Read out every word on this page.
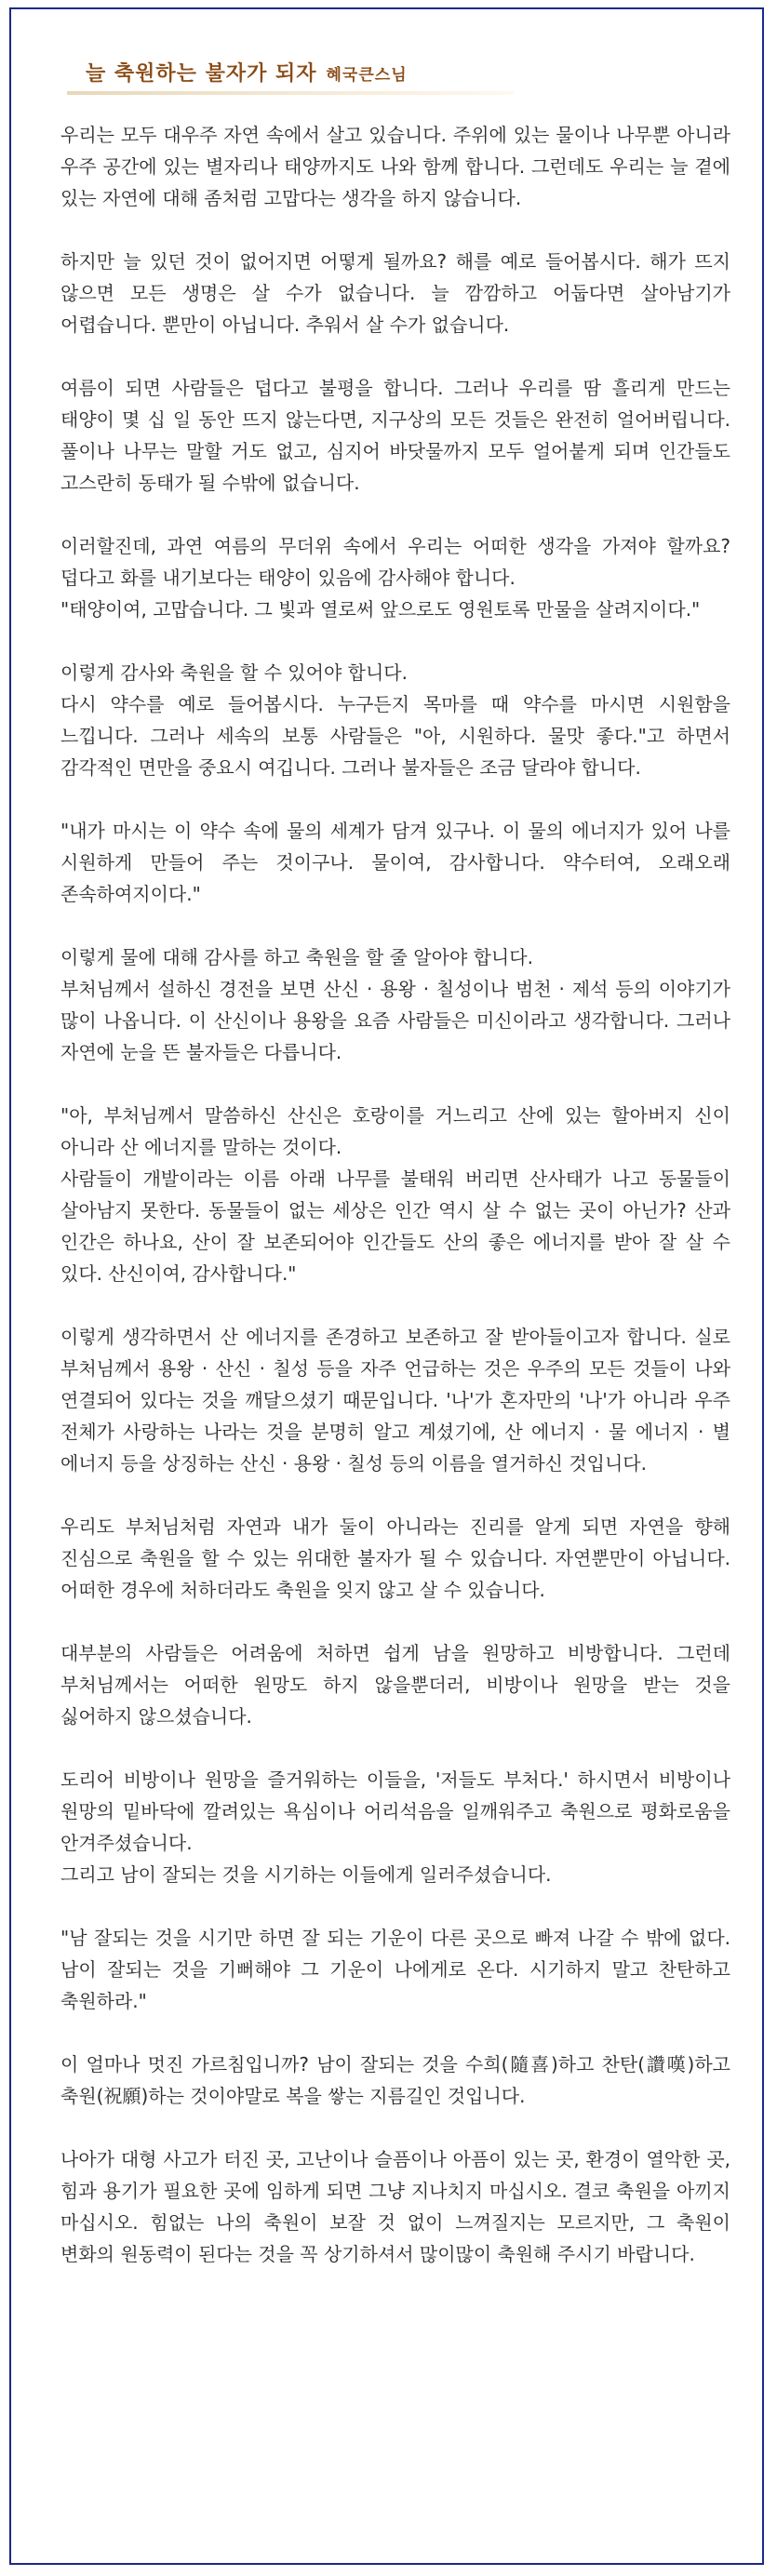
늘 축원하는 불자가 되자 혜국큰스님

우리는 모두 대우주 자연 속에서 살고 있습니다. 주위에 있는 물이나 나무뿐 아니라 우주 공간에 있는 별자리나 태양까지도 나와 함께 합니다. 그런데도 우리는 늘 곁에 있는 자연에 대해 좀처럼 고맙다는 생각을 하지 않습니다.

하지만 늘 있던 것이 없어지면 어떻게 될까요? 해를 예로 들어봅시다. 해가 뜨지 않으면 모든 생명은 살 수가 없습니다. 늘 깜깜하고 어둡다면 살아남기가 어렵습니다. 뿐만이 아닙니다. 추워서 살 수가 없습니다.

여름이 되면 사람들은 덥다고 불평을 합니다. 그러나 우리를 땀 흘리게 만드는 태양이 몇 십 일 동안 뜨지 않는다면, 지구상의 모든 것들은 완전히 얼어버립니다. 풀이나 나무는 말할 거도 없고, 심지어 바닷물까지 모두 얼어붙게 되며 인간들도 고스란히 동태가 될 수밖에 없습니다.

이러할진데, 과연 여름의 무더위 속에서 우리는 어떠한 생각을 가져야 할까요? 덥다고 화를 내기보다는 태양이 있음에 감사해야 합니다.
"태양이여, 고맙습니다. 그 빛과 열로써 앞으로도 영원토록 만물을 살려지이다."

이렇게 감사와 축원을 할 수 있어야 합니다.
다시 약수를 예로 들어봅시다. 누구든지 목마를 때 약수를 마시면 시원함을 느낍니다. 그러나 세속의 보통 사람들은 "아, 시원하다. 물맛 좋다."고 하면서 감각적인 면만을 중요시 여깁니다. 그러나 불자들은 조금 달라야 합니다.

"내가 마시는 이 약수 속에 물의 세계가 담겨 있구나. 이 물의 에너지가 있어 나를 시원하게 만들어 주는 것이구나. 물이여, 감사합니다. 약수터여, 오래오래 존속하여지이다."

이렇게 물에 대해 감사를 하고 축원을 할 줄 알아야 합니다.
부처님께서 설하신 경전을 보면 산신 · 용왕 · 칠성이나 범천 · 제석 등의 이야기가 많이 나옵니다. 이 산신이나 용왕을 요즘 사람들은 미신이라고 생각합니다. 그러나 자연에 눈을 뜬 불자들은 다릅니다.

"아, 부처님께서 말씀하신 산신은 호랑이를 거느리고 산에 있는 할아버지 신이 아니라 산 에너지를 말하는 것이다.
사람들이 개발이라는 이름 아래 나무를 불태워 버리면 산사태가 나고 동물들이 살아남지 못한다. 동물들이 없는 세상은 인간 역시 살 수 없는 곳이 아닌가? 산과 인간은 하나요, 산이 잘 보존되어야 인간들도 산의 좋은 에너지를 받아 잘 살 수 있다. 산신이여, 감사합니다."

이렇게 생각하면서 산 에너지를 존경하고 보존하고 잘 받아들이고자 합니다. 실로 부처님께서 용왕 · 산신 · 칠성 등을 자주 언급하는 것은 우주의 모든 것들이 나와 연결되어 있다는 것을 깨달으셨기 때문입니다. '나'가 혼자만의 '나'가 아니라 우주 전체가 사랑하는 나라는 것을 분명히 알고 계셨기에, 산 에너지 · 물 에너지 · 별 에너지 등을 상징하는 산신 · 용왕 · 칠성 등의 이름을 열거하신 것입니다.

우리도 부처님처럼 자연과 내가 둘이 아니라는 진리를 알게 되면 자연을 향해 진심으로 축원을 할 수 있는 위대한 불자가 될 수 있습니다. 자연뿐만이 아닙니다. 어떠한 경우에 처하더라도 축원을 잊지 않고 살 수 있습니다.

대부분의 사람들은 어려움에 처하면 쉽게 남을 원망하고 비방합니다. 그런데 부처님께서는 어떠한 원망도 하지 않을뿐더러, 비방이나 원망을 받는 것을 싫어하지 않으셨습니다.

도리어 비방이나 원망을 즐거워하는 이들을, '저들도 부처다.' 하시면서 비방이나 원망의 밑바닥에 깔려있는 욕심이나 어리석음을 일깨워주고 축원으로 평화로움을 안겨주셨습니다.
그리고 남이 잘되는 것을 시기하는 이들에게 일러주셨습니다.

"남 잘되는 것을 시기만 하면 잘 되는 기운이 다른 곳으로 빠져 나갈 수 밖에 없다. 남이 잘되는 것을 기뻐해야 그 기운이 나에게로 온다. 시기하지 말고 찬탄하고 축원하라."

이 얼마나 멋진 가르침입니까? 남이 잘되는 것을 수희(隨喜)하고 찬탄(讚嘆)하고 축원(祝願)하는 것이야말로 복을 쌓는 지름길인 것입니다.

나아가 대형 사고가 터진 곳, 고난이나 슬픔이나 아픔이 있는 곳, 환경이 열악한 곳, 힘과 용기가 필요한 곳에 임하게 되면 그냥 지나치지 마십시오. 결코 축원을 아끼지 마십시오. 힘없는 나의 축원이 보잘 것 없이 느껴질지는 모르지만, 그 축원이 변화의 원동력이 된다는 것을 꼭 상기하셔서 많이많이 축원해 주시기 바랍니다.
